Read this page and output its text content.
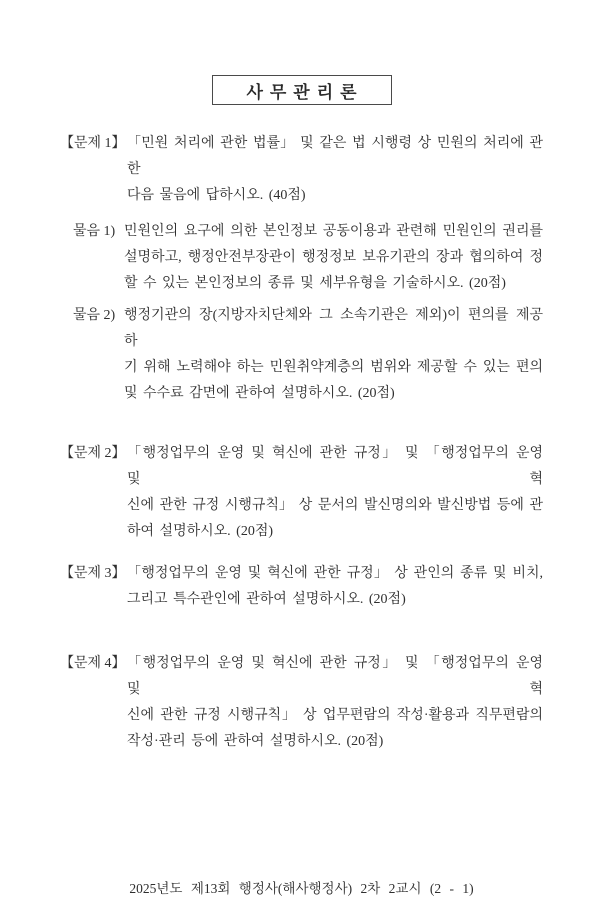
사무관리론
【문제 1】 「민원 처리에 관한 법률」 및 같은 법 시행령 상 민원의 처리에 관한
다음 물음에 답하시오. (40점)
물음 1) 민원인의 요구에 의한 본인정보 공동이용과 관련해 민원인의 권리를
설명하고, 행정안전부장관이 행정정보 보유기관의 장과 협의하여 정
할 수 있는 본인정보의 종류 및 세부유형을 기술하시오. (20점)
물음 2) 행정기관의 장(지방자치단체와 그 소속기관은 제외)이 편의를 제공하
기 위해 노력해야 하는 민원취약계층의 범위와 제공할 수 있는 편의
및 수수료 감면에 관하여 설명하시오. (20점)
【문제 2】 「행정업무의 운영 및 혁신에 관한 규정」 및 「행정업무의 운영 및 혁
신에 관한 규정 시행규칙」 상 문서의 발신명의와 발신방법 등에 관
하여 설명하시오. (20점)
【문제 3】 「행정업무의 운영 및 혁신에 관한 규정」 상 관인의 종류 및 비치,
그리고 특수관인에 관하여 설명하시오. (20점)
【문제 4】 「행정업무의 운영 및 혁신에 관한 규정」 및 「행정업무의 운영 및 혁
신에 관한 규정 시행규칙」 상 업무편람의 작성·활용과 직무편람의
작성·관리 등에 관하여 설명하시오. (20점)
2025년도 제13회 행정사(해사행정사) 2차 2교시 (2 - 1)
